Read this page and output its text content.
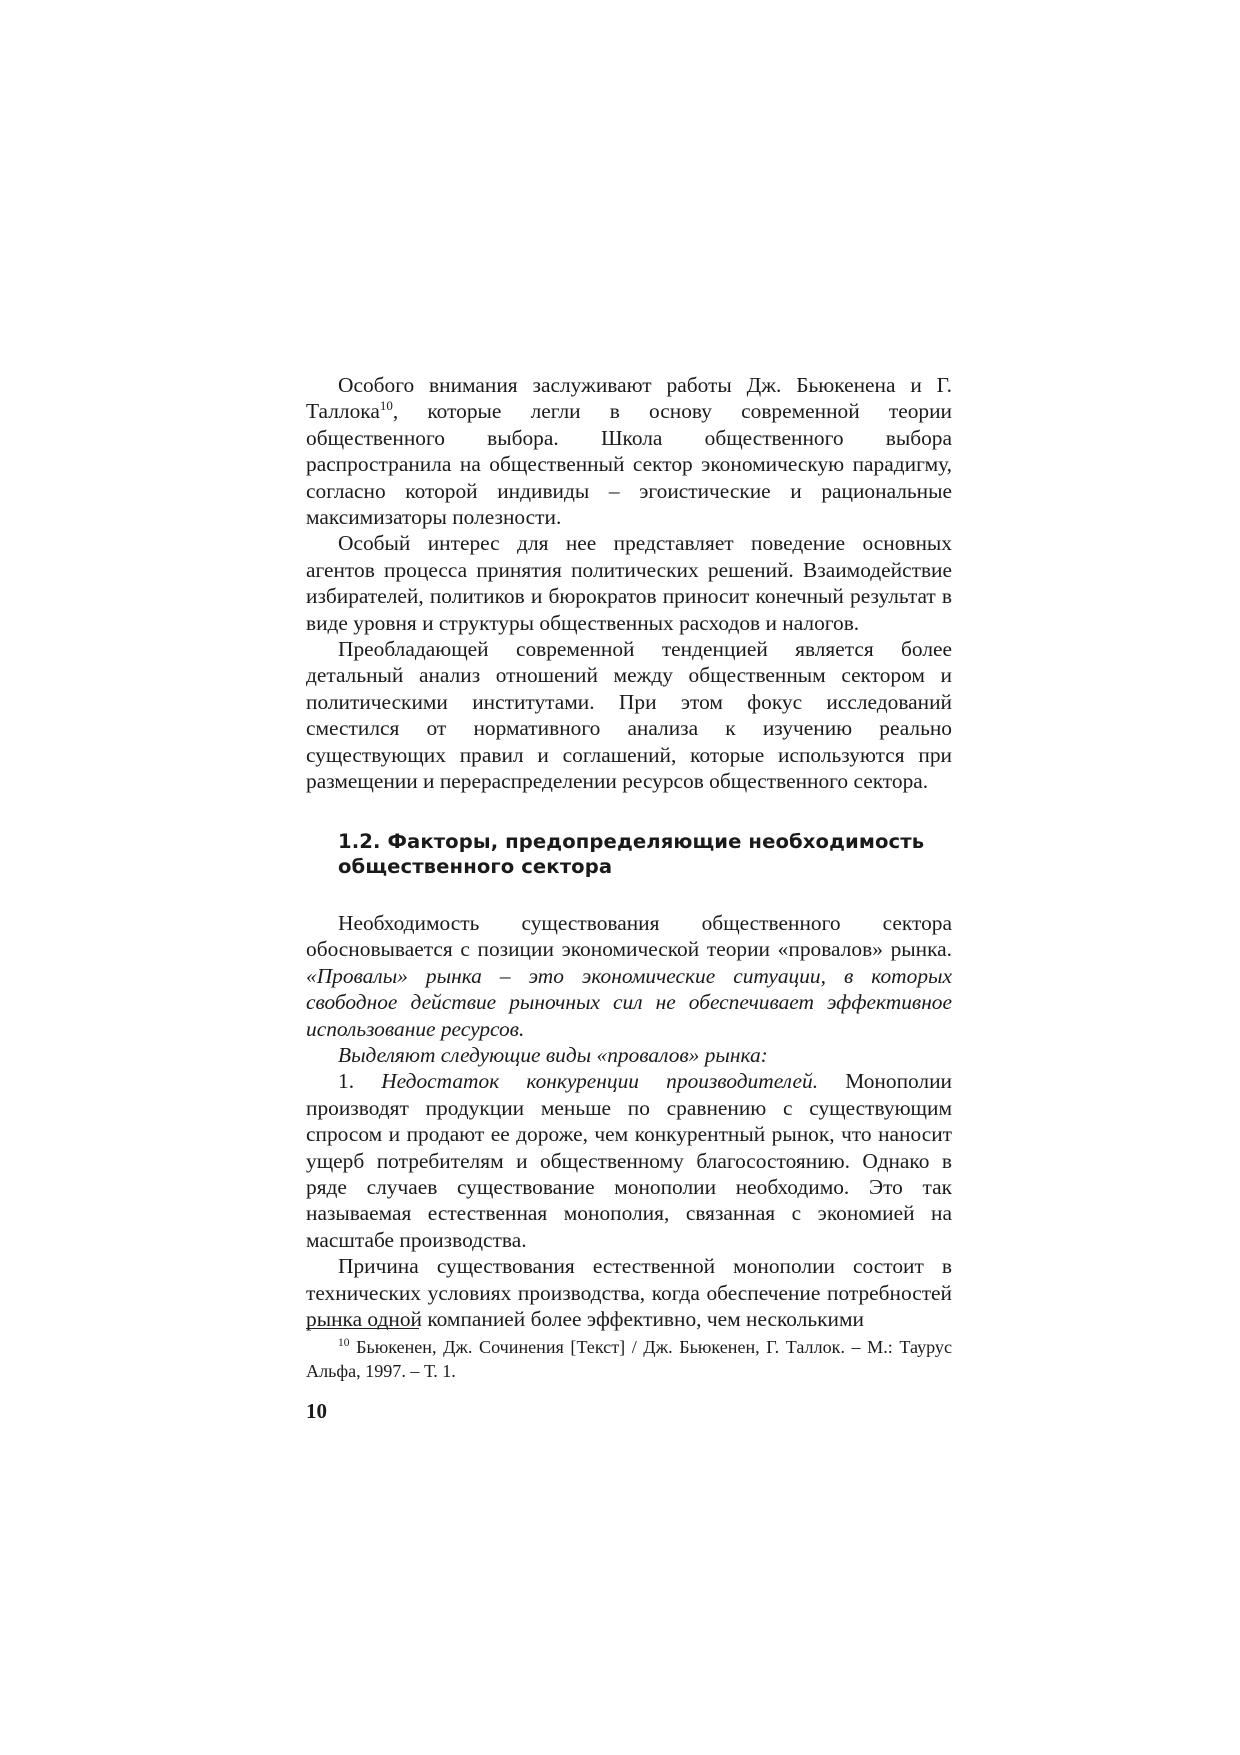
Особого внимания заслуживают работы Дж. Бьюкенена и Г. Таллока$^{10}$, которые легли в основу современной теории общественного выбора. Школа общественного выбора распространила на общественный сектор экономическую парадигму, согласно которой индивиды – эгоистические и рациональные максимизаторы полезности.

Особый интерес для нее представляет поведение основных агентов процесса принятия политических решений. Взаимодействие избирателей, политиков и бюрократов приносит конечный результат в виде уровня и структуры общественных расходов и налогов.

Преобладающей современной тенденцией является более детальный анализ отношений между общественным сектором и политическими институтами. При этом фокус исследований сместился от нормативного анализа к изучению реально существующих правил и соглашений, которые используются при размещении и перераспределении ресурсов общественного сектора.

1.2. Факторы, предопределяющие необходимость
общественного сектора

Необходимость существования общественного сектора обосновывается с позиции экономической теории «провалов» рынка. «Провалы» рынка – это экономические ситуации, в которых свободное действие рыночных сил не обеспечивает эффективное использование ресурсов.

Выделяют следующие виды «провалов» рынка:

1. Недостаток конкуренции производителей. Монополии производят продукции меньше по сравнению с существующим спросом и продают ее дороже, чем конкурентный рынок, что наносит ущерб потребителям и общественному благосостоянию. Однако в ряде случаев существование монополии необходимо. Это так называемая естественная монополия, связанная с экономией на масштабе производства.

Причина существования естественной монополии состоит в технических условиях производства, когда обеспечение потребностей рынка одной компанией более эффективно, чем несколькими

$^{10}$ Бьюкенен, Дж. Сочинения [Текст] / Дж. Бьюкенен, Г. Таллок. – М.: Таурус Альфа, 1997. – Т. 1.

10
